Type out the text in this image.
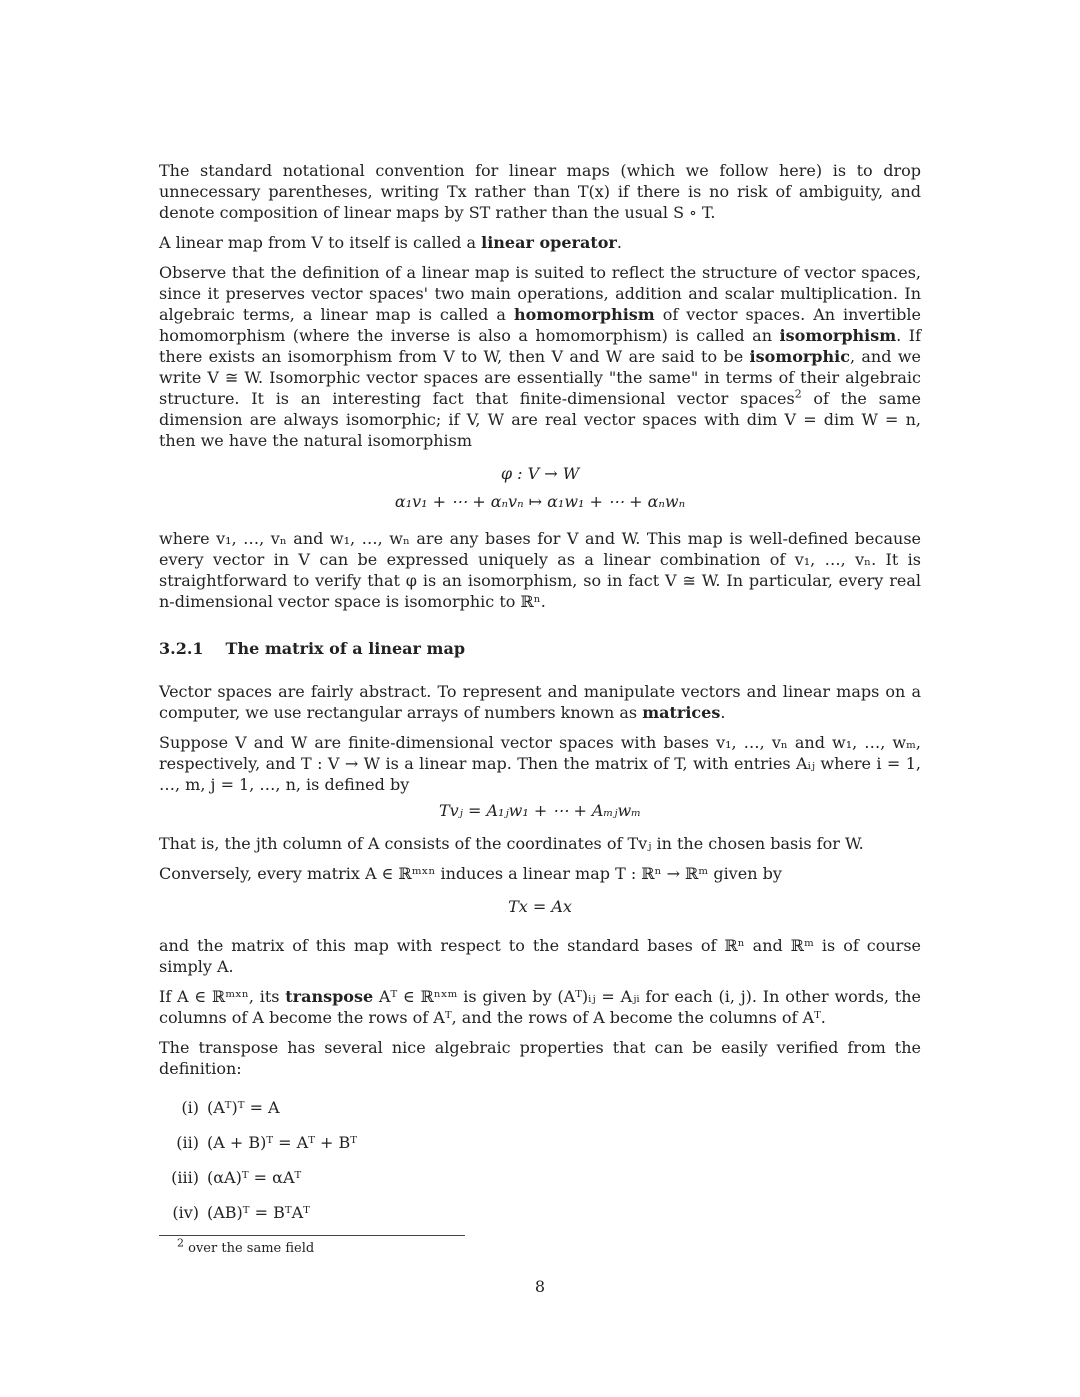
The standard notational convention for linear maps (which we follow here) is to drop unnecessary parentheses, writing Tx rather than T(x) if there is no risk of ambiguity, and denote composition of linear maps by ST rather than the usual S ∘ T.

A linear map from V to itself is called a linear operator.

Observe that the definition of a linear map is suited to reflect the structure of vector spaces, since it preserves vector spaces' two main operations, addition and scalar multiplication. In algebraic terms, a linear map is called a homomorphism of vector spaces. An invertible homomorphism (where the inverse is also a homomorphism) is called an isomorphism. If there exists an isomorphism from V to W, then V and W are said to be isomorphic, and we write V ≅ W. Isomorphic vector spaces are essentially "the same" in terms of their algebraic structure. It is an interesting fact that finite-dimensional vector spaces$^2$ of the same dimension are always isomorphic; if V, W are real vector spaces with dim V = dim W = n, then we have the natural isomorphism

φ : V → W
α₁v₁ + ⋯ + αₙvₙ ↦ α₁w₁ + ⋯ + αₙwₙ

where v₁, …, vₙ and w₁, …, wₙ are any bases for V and W. This map is well-defined because every vector in V can be expressed uniquely as a linear combination of v₁, …, vₙ. It is straightforward to verify that φ is an isomorphism, so in fact V ≅ W. In particular, every real n-dimensional vector space is isomorphic to ℝⁿ.

3.2.1 The matrix of a linear map

Vector spaces are fairly abstract. To represent and manipulate vectors and linear maps on a computer, we use rectangular arrays of numbers known as matrices.

Suppose V and W are finite-dimensional vector spaces with bases v₁, …, vₙ and w₁, …, wₘ, respectively, and T : V → W is a linear map. Then the matrix of T, with entries Aᵢⱼ where i = 1, …, m, j = 1, …, n, is defined by

Tvⱼ = A₁ⱼw₁ + ⋯ + Aₘⱼwₘ

That is, the jth column of A consists of the coordinates of Tvⱼ in the chosen basis for W.

Conversely, every matrix A ∈ ℝᵐˣⁿ induces a linear map T : ℝⁿ → ℝᵐ given by

Tx = Ax

and the matrix of this map with respect to the standard bases of ℝⁿ and ℝᵐ is of course simply A.

If A ∈ ℝᵐˣⁿ, its transpose Aᵀ ∈ ℝⁿˣᵐ is given by (Aᵀ)ᵢⱼ = Aⱼᵢ for each (i, j). In other words, the columns of A become the rows of Aᵀ, and the rows of A become the columns of Aᵀ.

The transpose has several nice algebraic properties that can be easily verified from the definition:

(i) (Aᵀ)ᵀ = A
(ii) (A + B)ᵀ = Aᵀ + Bᵀ
(iii) (αA)ᵀ = αAᵀ
(iv) (AB)ᵀ = BᵀAᵀ
$^2$ over the same field
8
